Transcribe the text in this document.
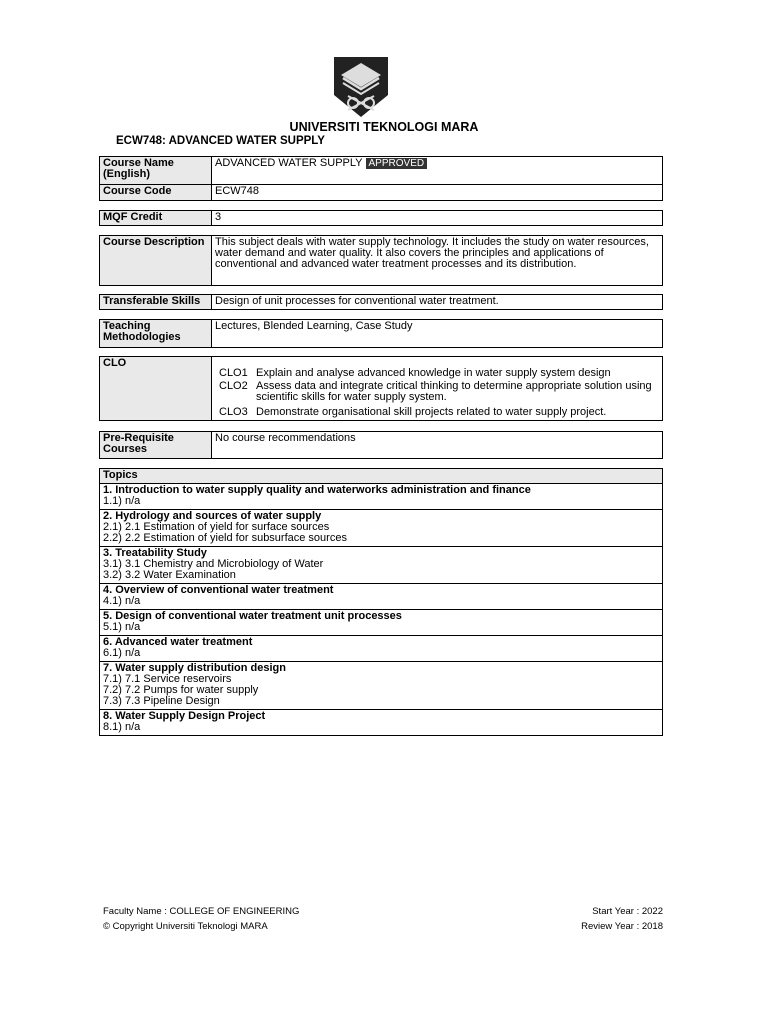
UNIVERSITI TEKNOLOGI MARA
ECW748: ADVANCED WATER SUPPLY
Course Name (English)	ADVANCED WATER SUPPLY APPROVED
Course Code	ECW748
MQF Credit	3
Course Description	This subject deals with water supply technology. It includes the study on water resources, water demand and water quality. It also covers the principles and applications of conventional and advanced water treatment processes and its distribution.
Transferable Skills	Design of unit processes for conventional water treatment.
Teaching Methodologies	Lectures, Blended Learning, Case Study
CLO	
CLO1 Explain and analyse advanced knowledge in water supply system design
CLO2 Assess data and integrate critical thinking to determine appropriate solution using scientific skills for water supply system.
CLO3 Demonstrate organisational skill projects related to water supply project.
Pre-Requisite Courses	No course recommendations
Topics

1. Introduction to water supply quality and waterworks administration and finance
1.1) n/a

2. Hydrology and sources of water supply
2.1) 2.1 Estimation of yield for surface sources
2.2) 2.2 Estimation of yield for subsurface sources

3. Treatability Study
3.1) 3.1 Chemistry and Microbiology of Water
3.2) 3.2 Water Examination

4. Overview of conventional water treatment
4.1) n/a

5. Design of conventional water treatment unit processes
5.1) n/a

6. Advanced water treatment
6.1) n/a

7. Water supply distribution design
7.1) 7.1 Service reservoirs
7.2) 7.2 Pumps for water supply
7.3) 7.3 Pipeline Design

8. Water Supply Design Project
8.1) n/a
Faculty Name : COLLEGE OF ENGINEERING
© Copyright Universiti Teknologi MARA
Start Year : 2022
Review Year : 2018
